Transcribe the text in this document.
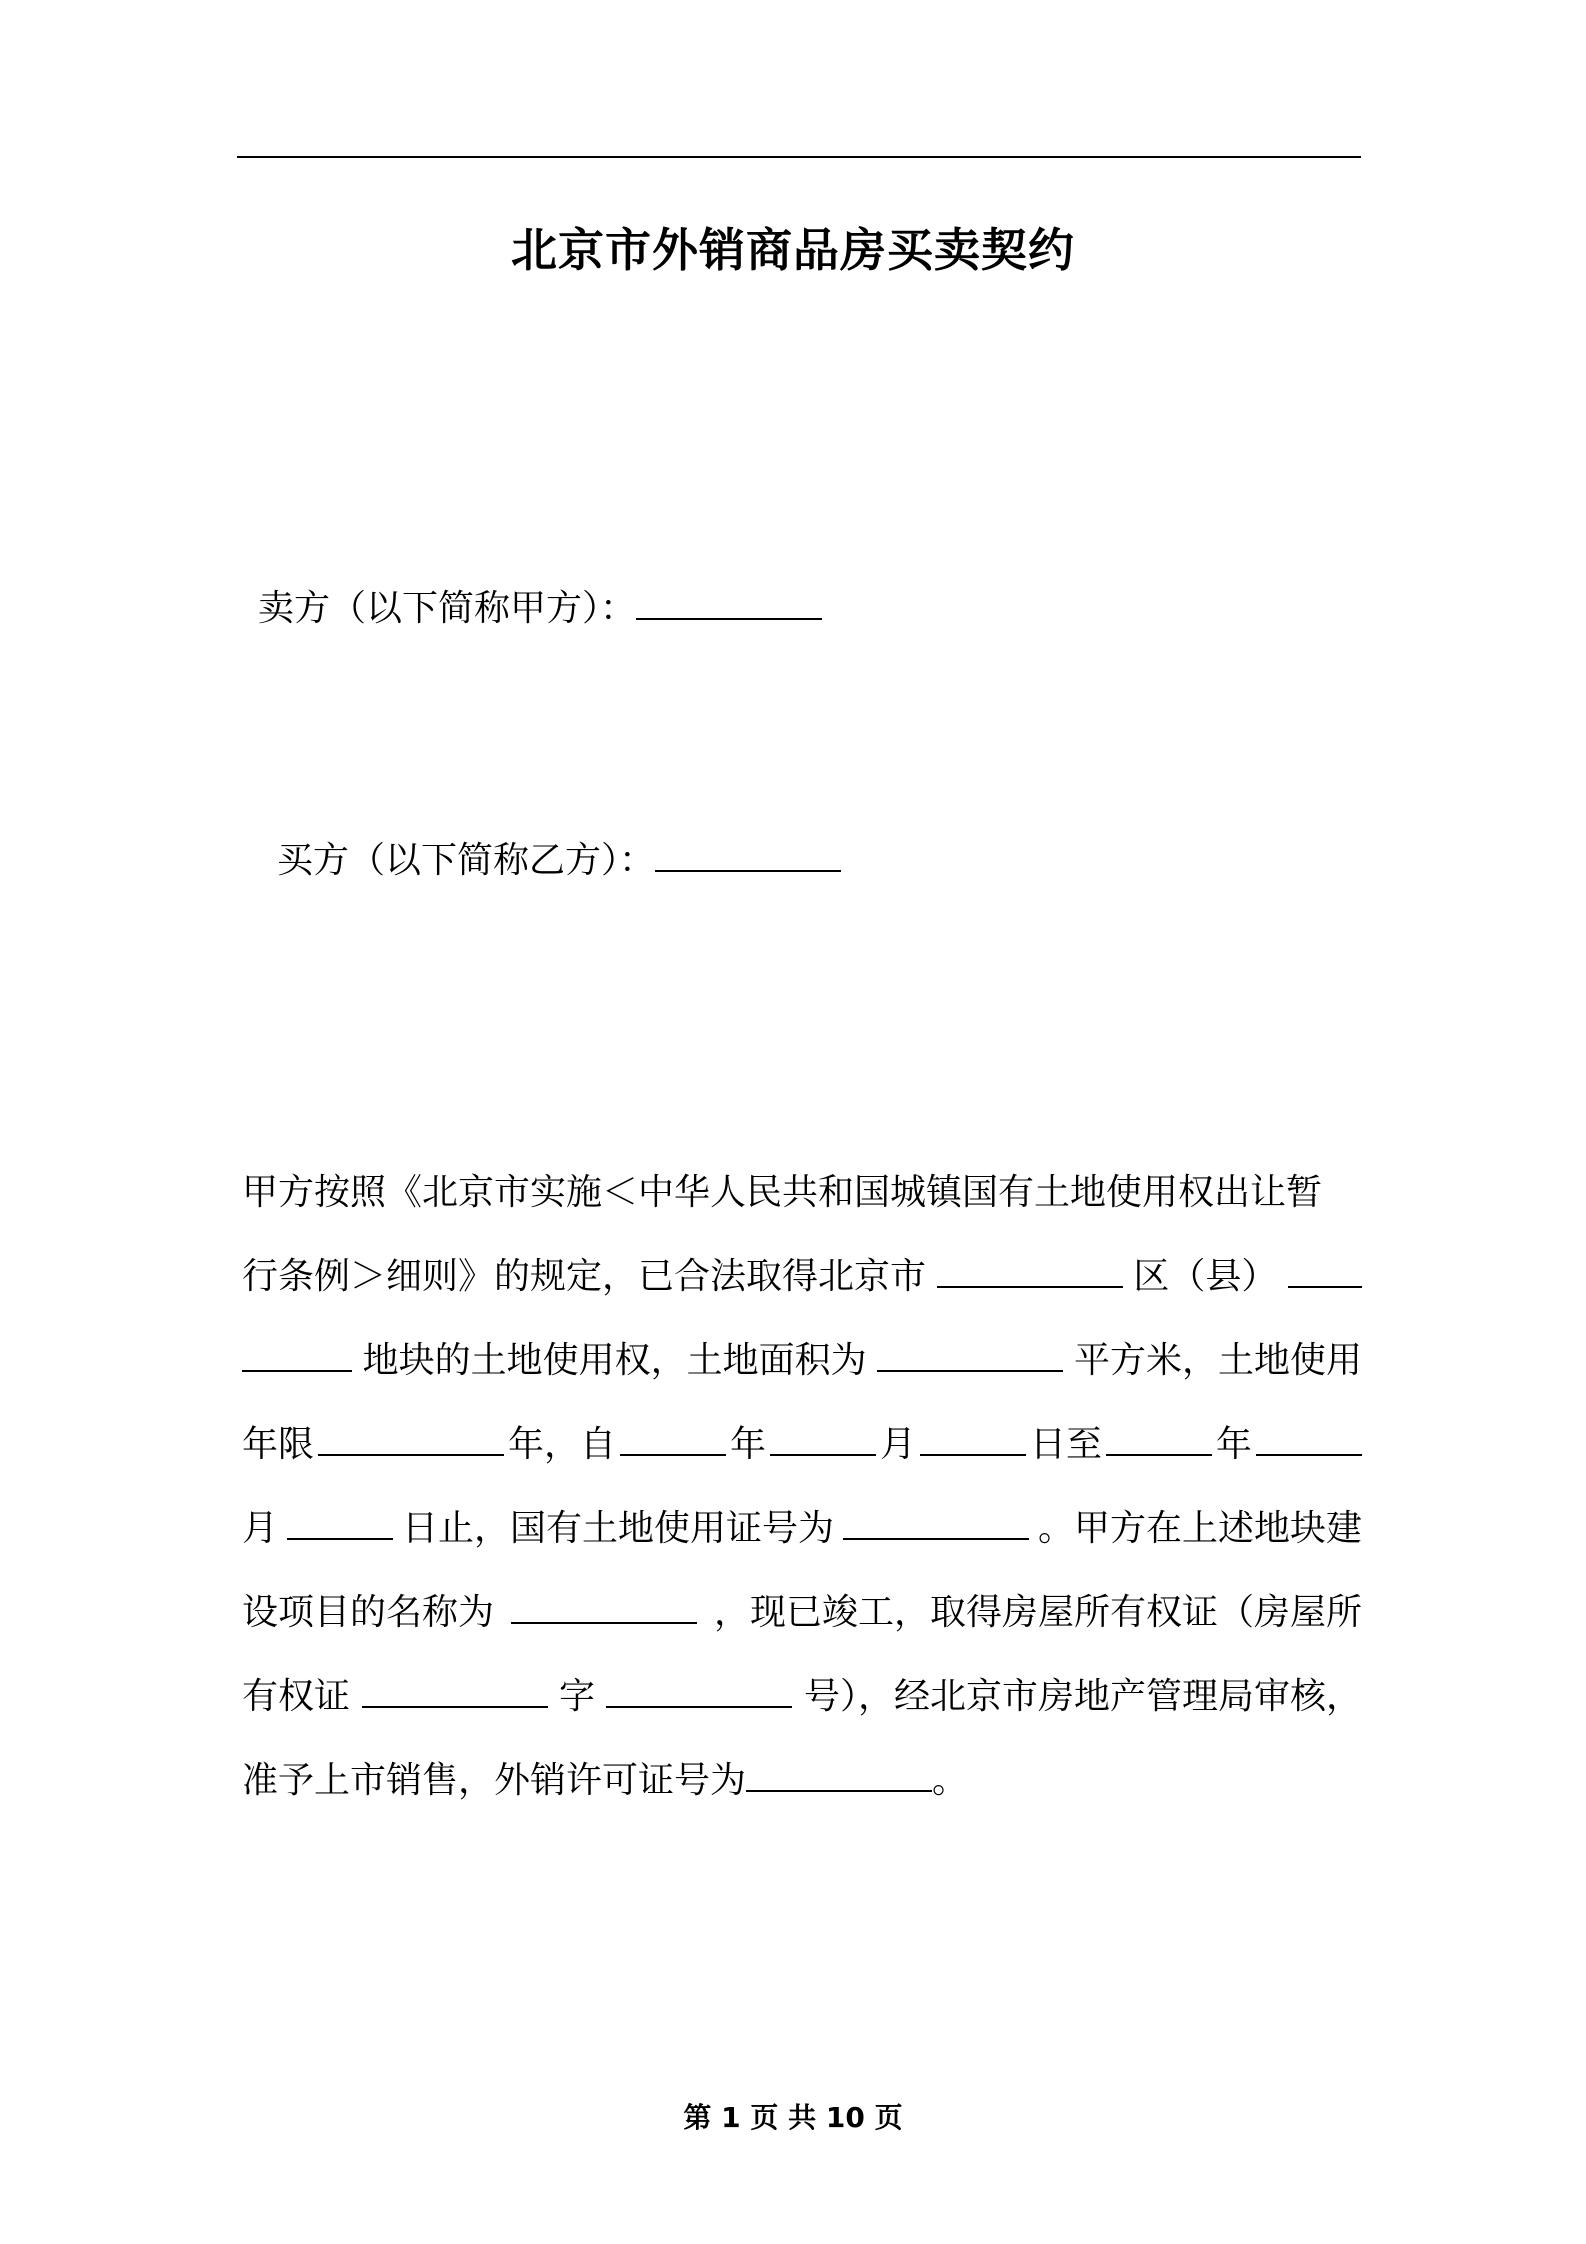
北京市外销商品房买卖契约
卖方（以下简称甲方）：
买方（以下简称乙方）：
甲方按照《北京市实施＜中华人民共和国城镇国有土地使用权出让暂
行条例＞细则》的规定，已合法取得北京市	区（县）
地块的土地使用权，土地面积为	平方米，土地使用
年限	年，自	年	月	日至	年
月	日止，国有土地使用证号为	。甲方在上述地块建
设项目的名称为	，现已竣工，取得房屋所有权证（房屋所
有权证	字	号），经北京市房地产管理局审核，
准予上市销售，外销许可证号为	。
第 1 页 共 10 页
